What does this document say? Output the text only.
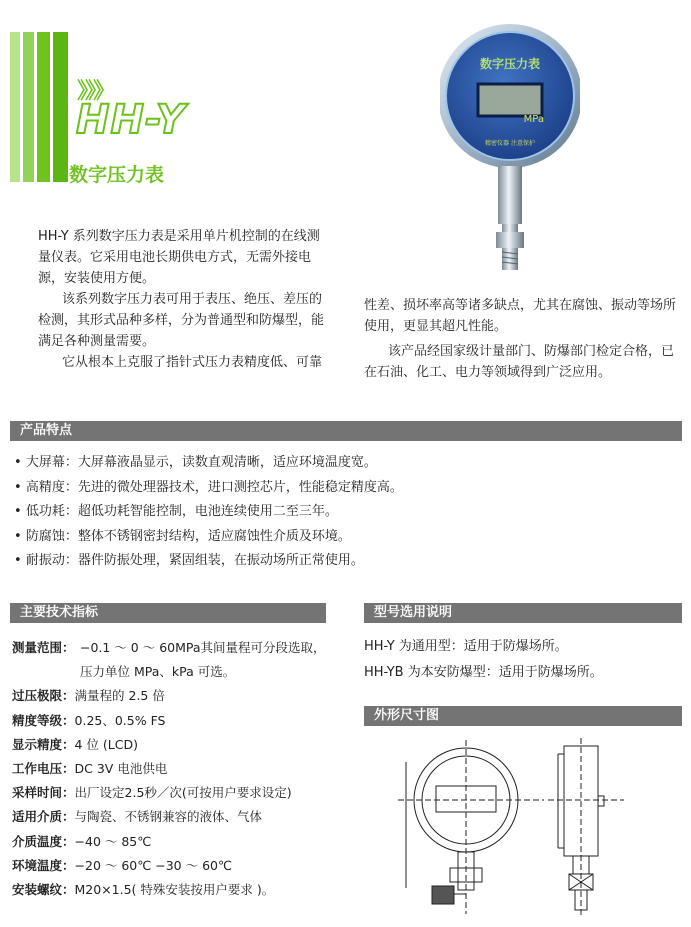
》》》
HH-Y
数字压力表
数字压力表
MPa
精密仪器 注意保护
HH-Y 系列数字压力表是采用单片机控制的在线测量仪表。它采用电池长期供电方式，无需外接电源，安装使用方便。
该系列数字压力表可用于表压、绝压、差压的检测，其形式品种多样，分为普通型和防爆型，能满足各种测量需要。
它从根本上克服了指针式压力表精度低、可靠
性差、损坏率高等诸多缺点，尤其在腐蚀、振动等场所使用，更显其超凡性能。
该产品经国家级计量部门、防爆部门检定合格，已在石油、化工、电力等领域得到广泛应用。
产品特点
• 大屏幕：大屏幕液晶显示，读数直观清晰，适应环境温度宽。
• 高精度：先进的微处理器技术，进口测控芯片，性能稳定精度高。
• 低功耗：超低功耗智能控制，电池连续使用二至三年。
• 防腐蚀：整体不锈钢密封结构，适应腐蚀性介质及环境。
• 耐振动：器件防振处理，紧固组装，在振动场所正常使用。
主要技术指标
测量范围： −0.1 ～ 0 ～ 60MPa其间量程可分段选取，
压力单位 MPa、kPa 可选。
过压极限：满量程的 2.5 倍
精度等级：0.25、0.5% FS
显示精度：4 位 (LCD)
工作电压：DC 3V 电池供电
采样时间：出厂设定2.5秒／次(可按用户要求设定)
适用介质：与陶瓷、不锈钢兼容的液体、气体
介质温度：−40 ～ 85℃
环境温度：−20 ～ 60℃ −30 ～ 60℃
安装螺纹：M20×1.5( 特殊安装按用户要求 )。
型号选用说明
HH-Y 为通用型：适用于防爆场所。
HH-YB 为本安防爆型：适用于防爆场所。
外形尺寸图
